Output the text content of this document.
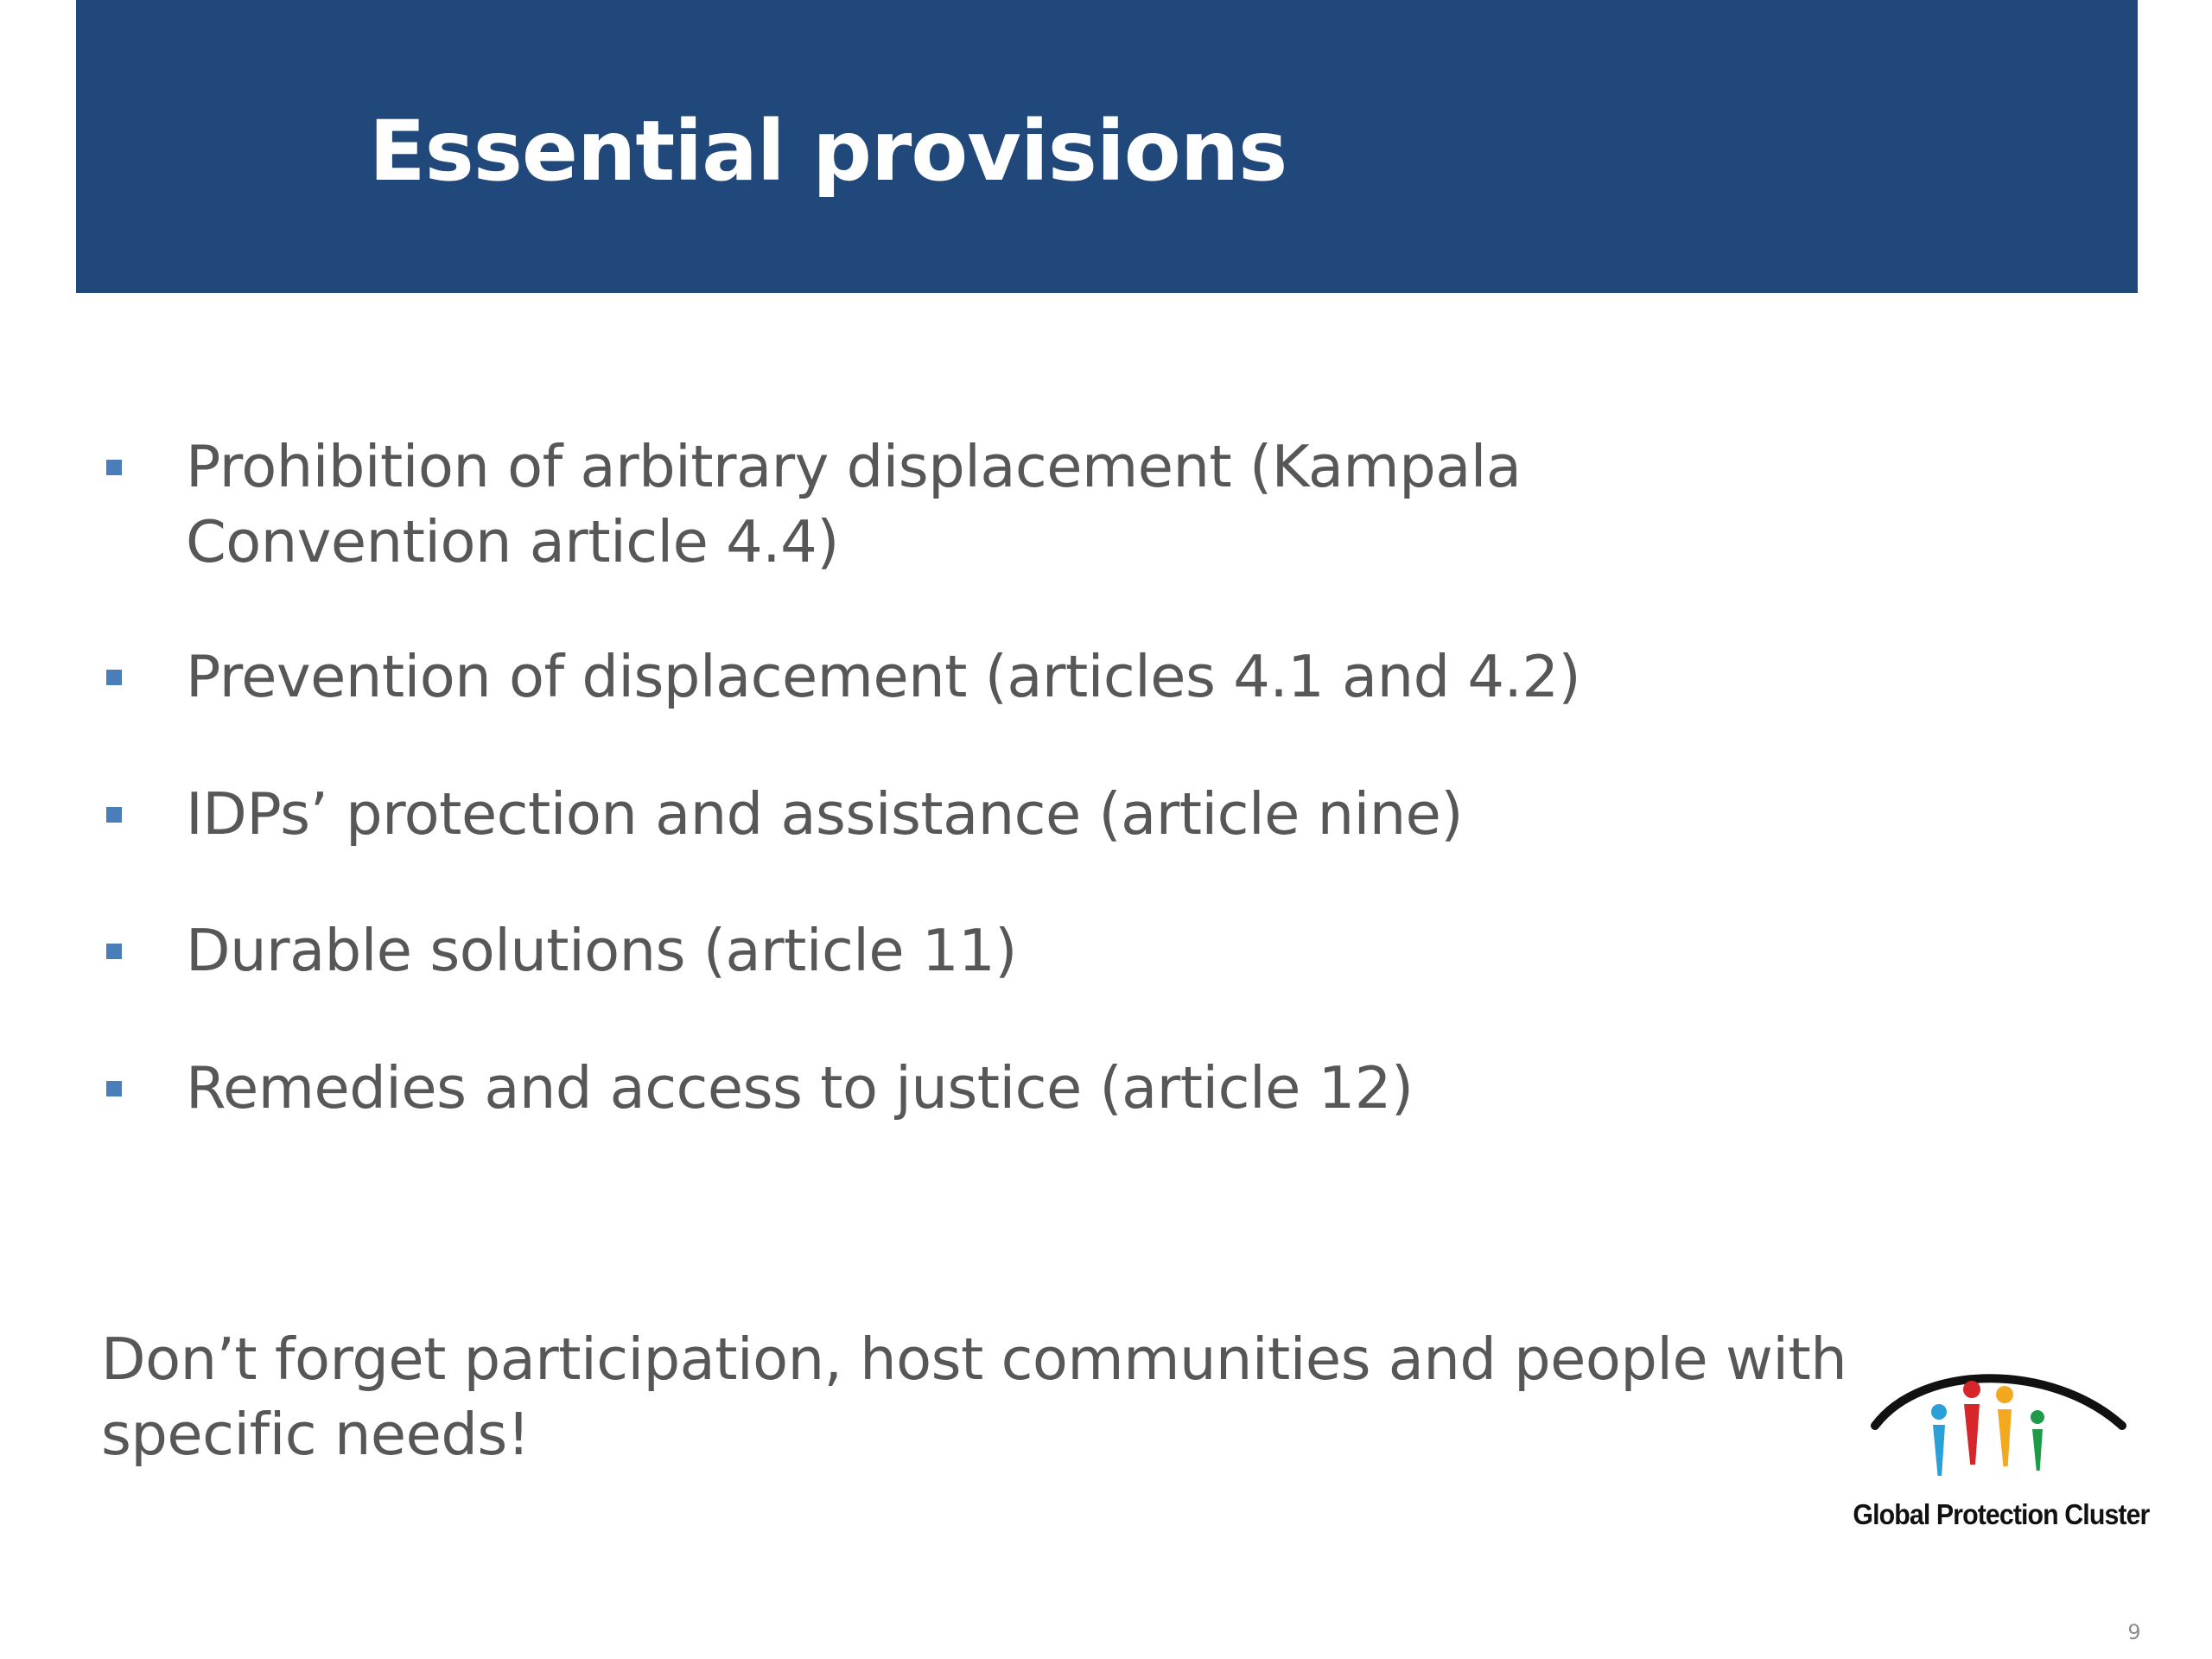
Essential provisions
Prohibition of arbitrary displacement (Kampala Convention article 4.4)
Prevention of displacement (articles 4.1 and 4.2)
IDPs’ protection and assistance (article nine)
Durable solutions (article 11)
Remedies and access to justice (article 12)

Don’t forget participation, host communities and people with specific needs!

Global Protection Cluster
9
